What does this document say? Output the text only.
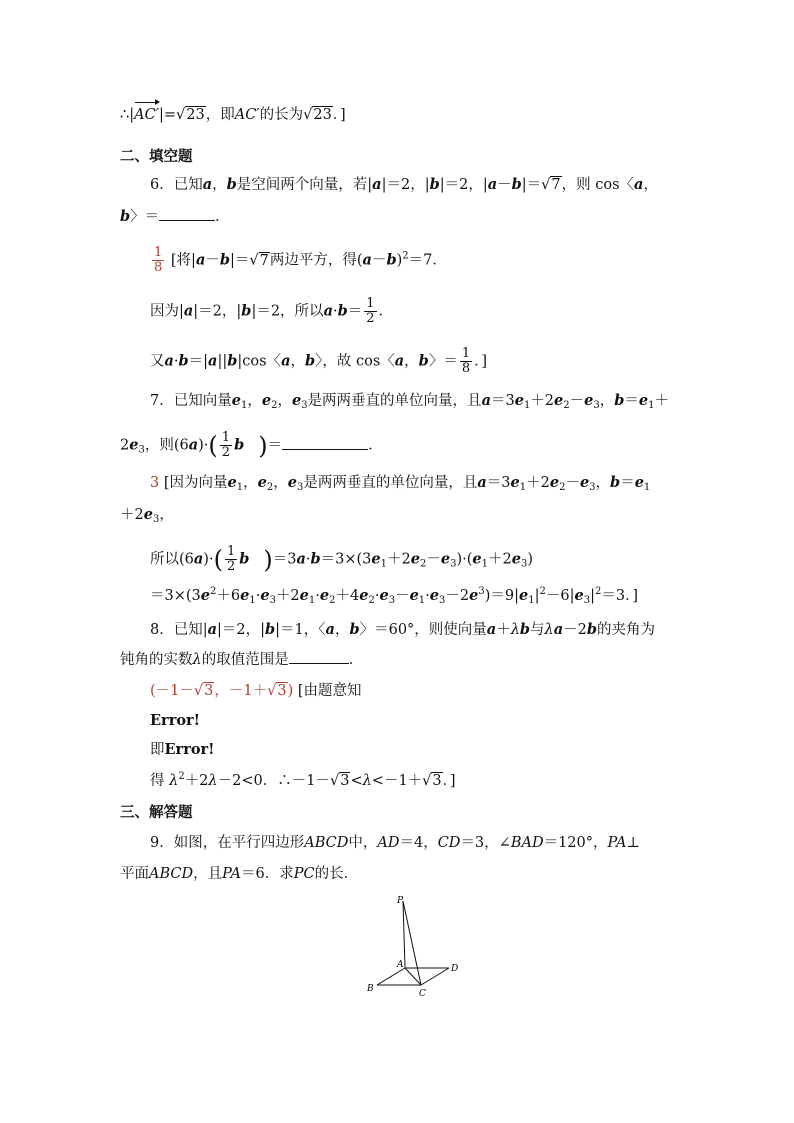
∴|AC′|=√23，即AC′的长为√23．]
二、填空题
6．已知a，b是空间两个向量，若|a|＝2，|b|＝2，|a－b|＝√7，则 cos〈a，
b〉＝	．
$\frac{1}{8}$ [将|a－b|＝√7两边平方，得$(a-b)^2=7$．
因为|a|＝2，|b|＝2，所以$a\cdot b= \frac{1}{2}$ ．
又a·b＝|a||b|cos〈a，b〉，故 cos〈a，b〉＝ $\frac{1}{8}$ ．]
7．已知向量$e_1$，$e_2$，$e_3$是两两垂直的单位向量，且$a=3e_1+2e_2-e_3$，$b=e_1+$
$2e_3$，则$(6a)\cdot( \frac{1}{2}$ b )＝	．
3 [因为向量$e_1$，$e_2$，$e_3$是两两垂直的单位向量，且$a=3e_1+2e_2-e_3$，$b=e_1$
$+2e_3$，
所以$(6a)\cdot( \frac{1}{2}$ b )$=3a\cdot b=3\times(3e_1+2e_2-e_3)\cdot(e_1+2e_3)$
$=3\times(3e^2+6e_1\cdot e_3+2e_1\cdot e_2+4e_2\cdot e_3-e_1\cdot e_3-2e^3)=9|e_1|^2-6|e_3|^2=3$．]
8．已知|a|＝2，|b|＝1，〈a，b〉＝60°，则使向量a＋λb与λa－2b的夹角为
钝角的实数λ的取值范围是	．
(－1－√3，－1＋√3) [由题意知
Error!
即Error!
得 $\lambda^2+2\lambda-2<0$．∴－1－√3<λ<－1＋√3．]
三、解答题
9．如图，在平行四边形ABCD中，AD＝4，CD＝3，∠BAD＝120°，PA⊥
平面ABCD，且PA＝6．求PC的长．
P
A
B	C
D
